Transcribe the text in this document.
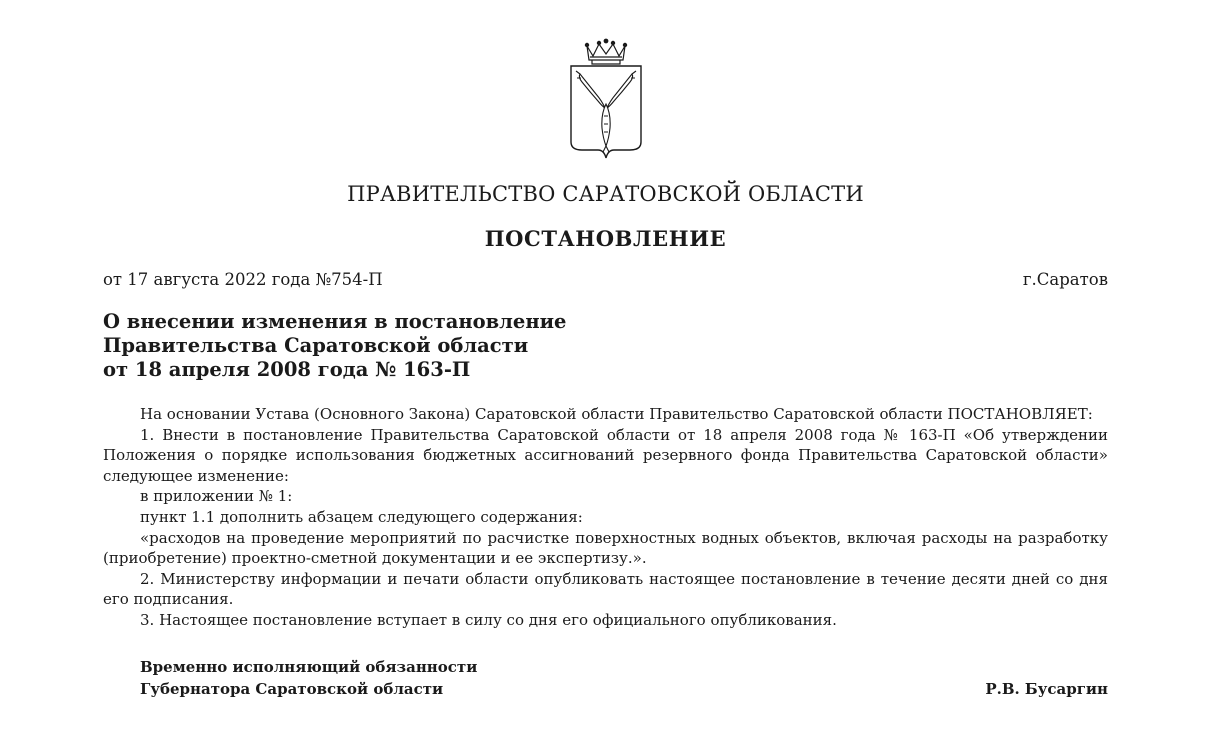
ПРАВИТЕЛЬСТВО САРАТОВСКОЙ ОБЛАСТИ
ПОСТАНОВЛЕНИЕ
от 17 августа 2022 года №754-П	г.Саратов
О внесении изменения в постановление
Правительства Саратовской области
от 18 апреля 2008 года № 163-П

На основании Устава (Основного Закона) Саратовской области Правительство Саратовской области ПОСТАНОВЛЯЕТ:

1. Внести в постановление Правительства Саратовской области от 18 апреля 2008 года № 163-П «Об утверждении Положения о порядке использования бюджетных ассигнований резервного фонда Правительства Саратовской области» следующее изменение:

в приложении № 1:

пункт 1.1 дополнить абзацем следующего содержания:

«расходов на проведение мероприятий по расчистке поверхностных водных объектов, включая расходы на разработку (приобретение) проектно-сметной документации и ее экспертизу.».

2. Министерству информации и печати области опубликовать настоящее постановление в течение десяти дней со дня его подписания.

3. Настоящее постановление вступает в силу со дня его официального опубликования.

Временно исполняющий обязанности
Губернатора Саратовской области	Р.В. Бусаргин
